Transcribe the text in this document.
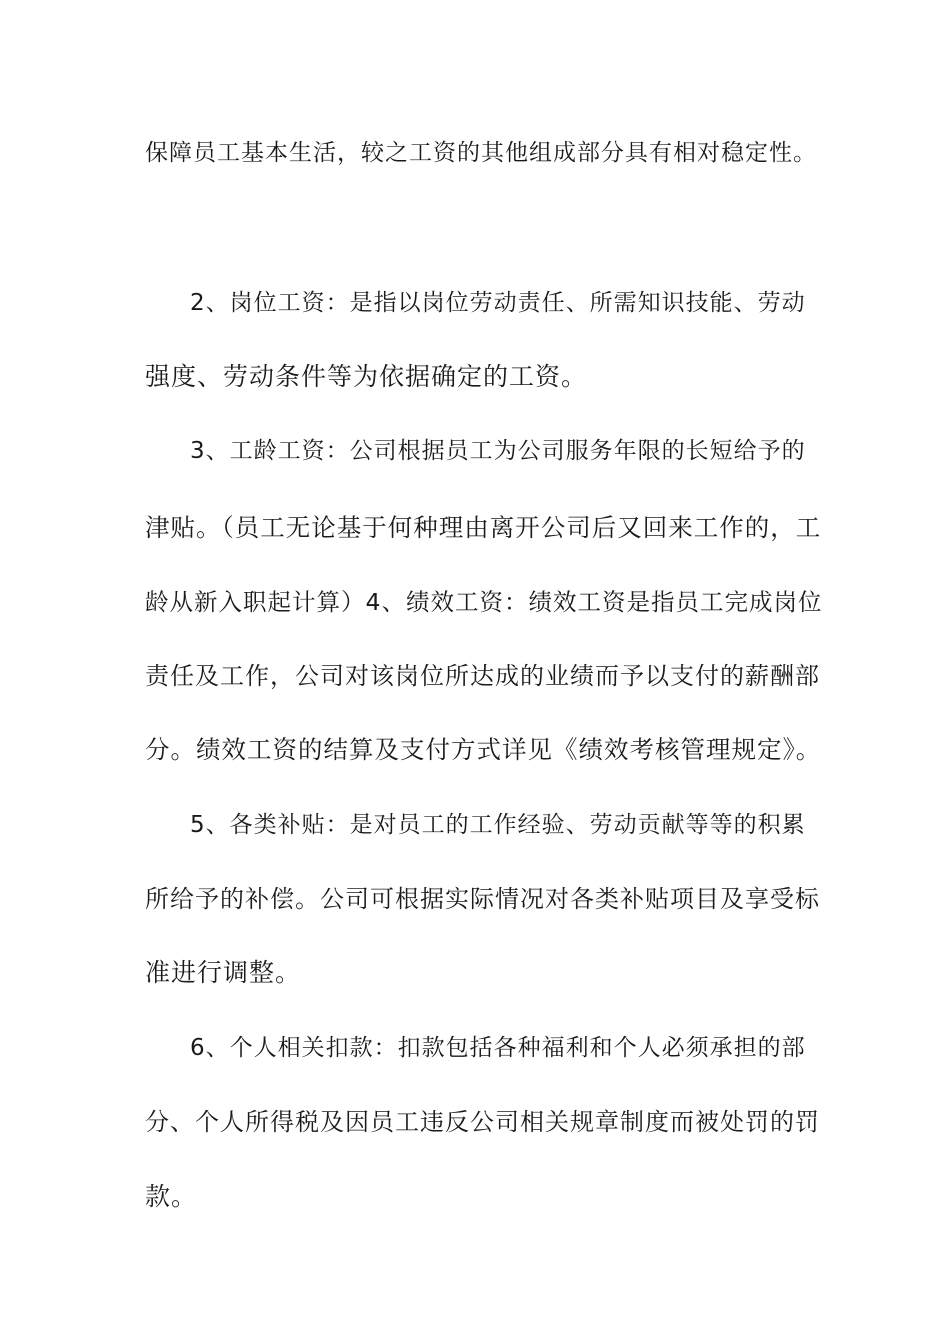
保障员工基本生活，较之工资的其他组成部分具有相对稳定性。

2、岗位工资：是指以岗位劳动责任、所需知识技能、劳动

强度、劳动条件等为依据确定的工资。

3、工龄工资：公司根据员工为公司服务年限的长短给予的

津贴。（员工无论基于何种理由离开公司后又回来工作的，工

龄从新入职起计算）4、绩效工资：绩效工资是指员工完成岗位

责任及工作，公司对该岗位所达成的业绩而予以支付的薪酬部

分。绩效工资的结算及支付方式详见《绩效考核管理规定》。

5、各类补贴：是对员工的工作经验、劳动贡献等等的积累

所给予的补偿。公司可根据实际情况对各类补贴项目及享受标

准进行调整。

6、个人相关扣款：扣款包括各种福利和个人必须承担的部

分、个人所得税及因员工违反公司相关规章制度而被处罚的罚

款。
